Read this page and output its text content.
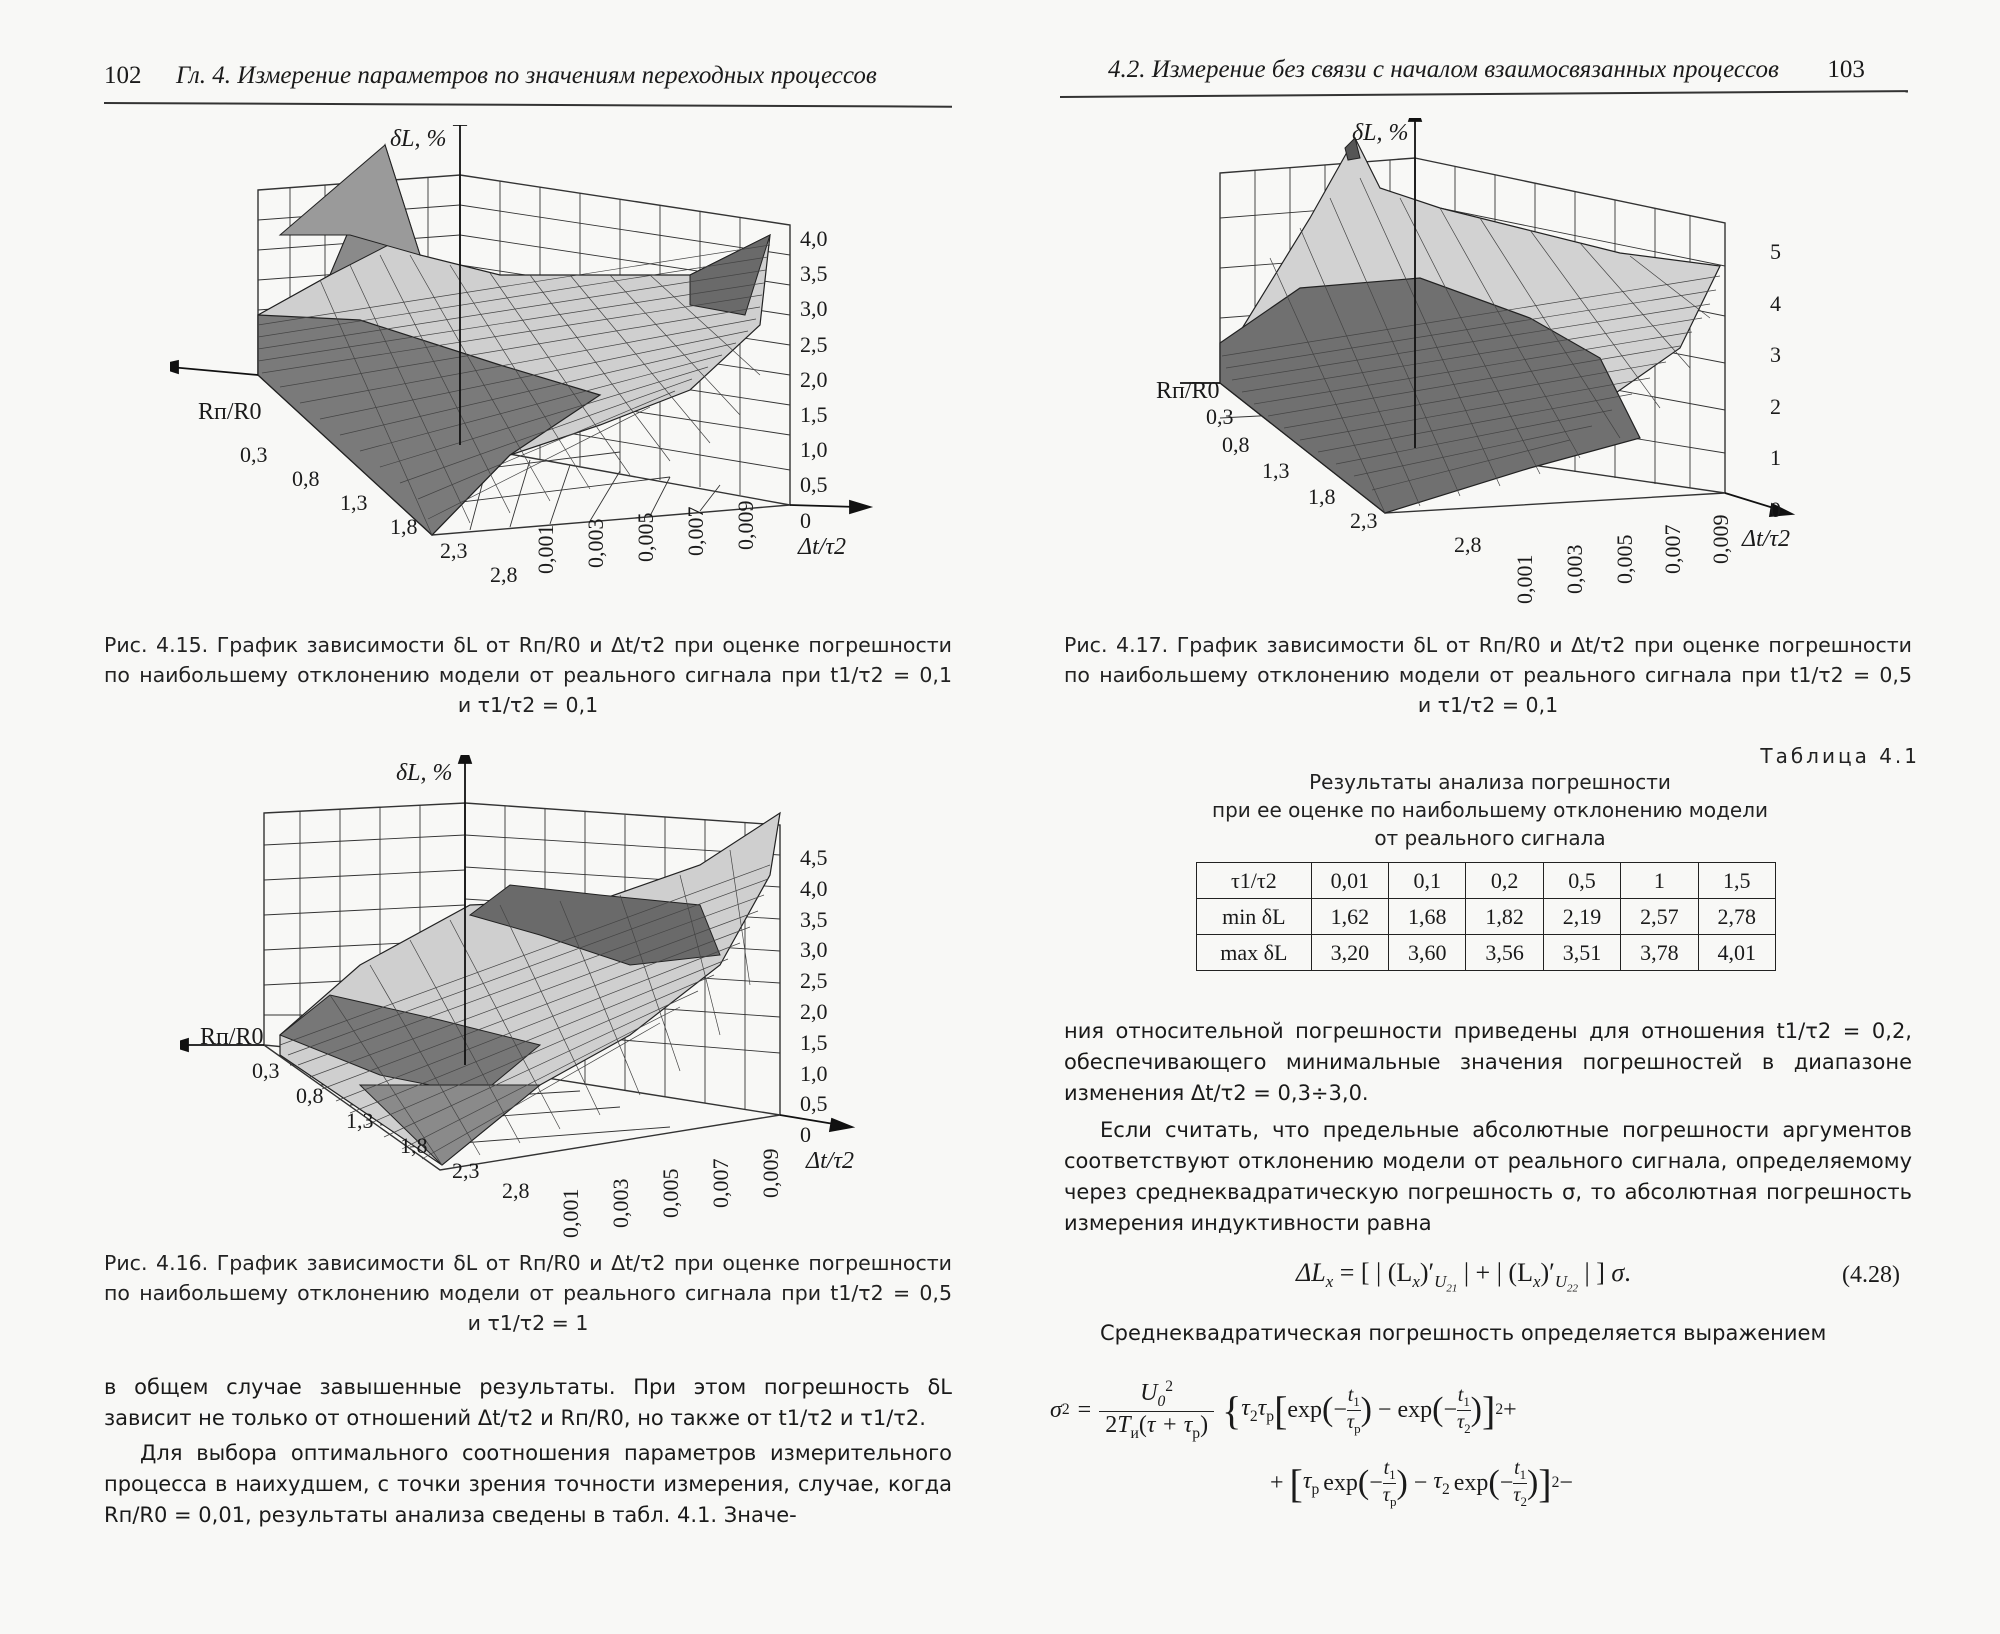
102 Гл. 4. Измерение параметров по значениям переходных процессов
δL, %
Rп/R0
Δt/τ2
4,0
3,5
3,0
2,5
2,0
1,5
1,0
0,5
0
0,3
0,8
1,3
1,8
2,3
2,8
0,001 0,003 0,005 0,007 0,009
Рис. 4.15. График зависимости δL от Rп/R0 и Δt/τ2 при оценке погрешности
по наибольшему отклонению модели от реального сигнала при t1/τ2 = 0,1
и τ1/τ2 = 0,1
δL, %
Rп/R0
Δt/τ2
4,5
4,0
3,5
3,0
2,5
2,0
1,5
1,0
0,5
0
0,3
0,8
1,3
1,8
2,3
2,8 0,001 0,003 0,005 0,007 0,009
Рис. 4.16. График зависимости δL от Rп/R0 и Δt/τ2 при оценке погрешности
по наибольшему отклонению модели от реального сигнала при t1/τ2 = 0,5
и τ1/τ2 = 1

в общем случае завышенные результаты. При этом погрешность δL зависит не только от отношений Δt/τ2 и Rп/R0, но также от t1/τ2 и τ1/τ2.

Для выбора оптимального соотношения параметров измерительного процесса в наихудшем, с точки зрения точности измерения, случае, когда Rп/R0 = 0,01, результаты анализа сведены в табл. 4.1. Значе-

4.2. Измерение без связи с началом взаимосвязанных процессов 103
δL, %
Rп/R0
Δt/τ2
5
4
3
2
1
0
0,3
0,8
1,3
1,8
2,3
2,8
0,001 0,003 0,005 0,007 0,009
Рис. 4.17. График зависимости δL от Rп/R0 и Δt/τ2 при оценке погрешности
по наибольшему отклонению модели от реального сигнала при t1/τ2 = 0,5
и τ1/τ2 = 0,1
Таблица 4.1
Результаты анализа погрешности
при ее оценке по наибольшему отклонению модели
от реального сигнала
τ1/τ2	0,01	0,1	0,2	0,5	1	1,5
min δL	1,62	1,68	1,82	2,19	2,57	2,78
max δL	3,20	3,60	3,56	3,51	3,78	4,01

ния относительной погрешности приведены для отношения t1/τ2 = 0,2, обеспечивающего минимальные значения погрешностей в диапазоне изменения Δt/τ2 = 0,3÷3,0.

Если считать, что предельные абсолютные погрешности аргументов соответствуют отклонению модели от реального сигнала, определяемому через среднеквадратическую погрешность σ, то абсолютная погрешность измерения индуктивности равна

$\Delta L_x$ = [ | $(L_x)'_{U_{21}}$ | + | $(L_x)'_{U_{22}}$ | ] σ.	(4.28)
Среднеквадратическая погрешность определяется выражением
σ 2 =
$U_0^2$
$2T_и(\tau + \tau_р)$ { $\tau_2\tau_р$ [ exp ( −
$t_1$
$\tau_р$ ) − exp ( − $\frac{t_1}{\tau_2}$ ) ] 2 +
+ [ $\tau_р$ exp ( −
$t_1$
$\tau_р$ ) − $\tau_2$ exp ( − $\frac{t_1}{\tau_2}$ ) ] 2 −
